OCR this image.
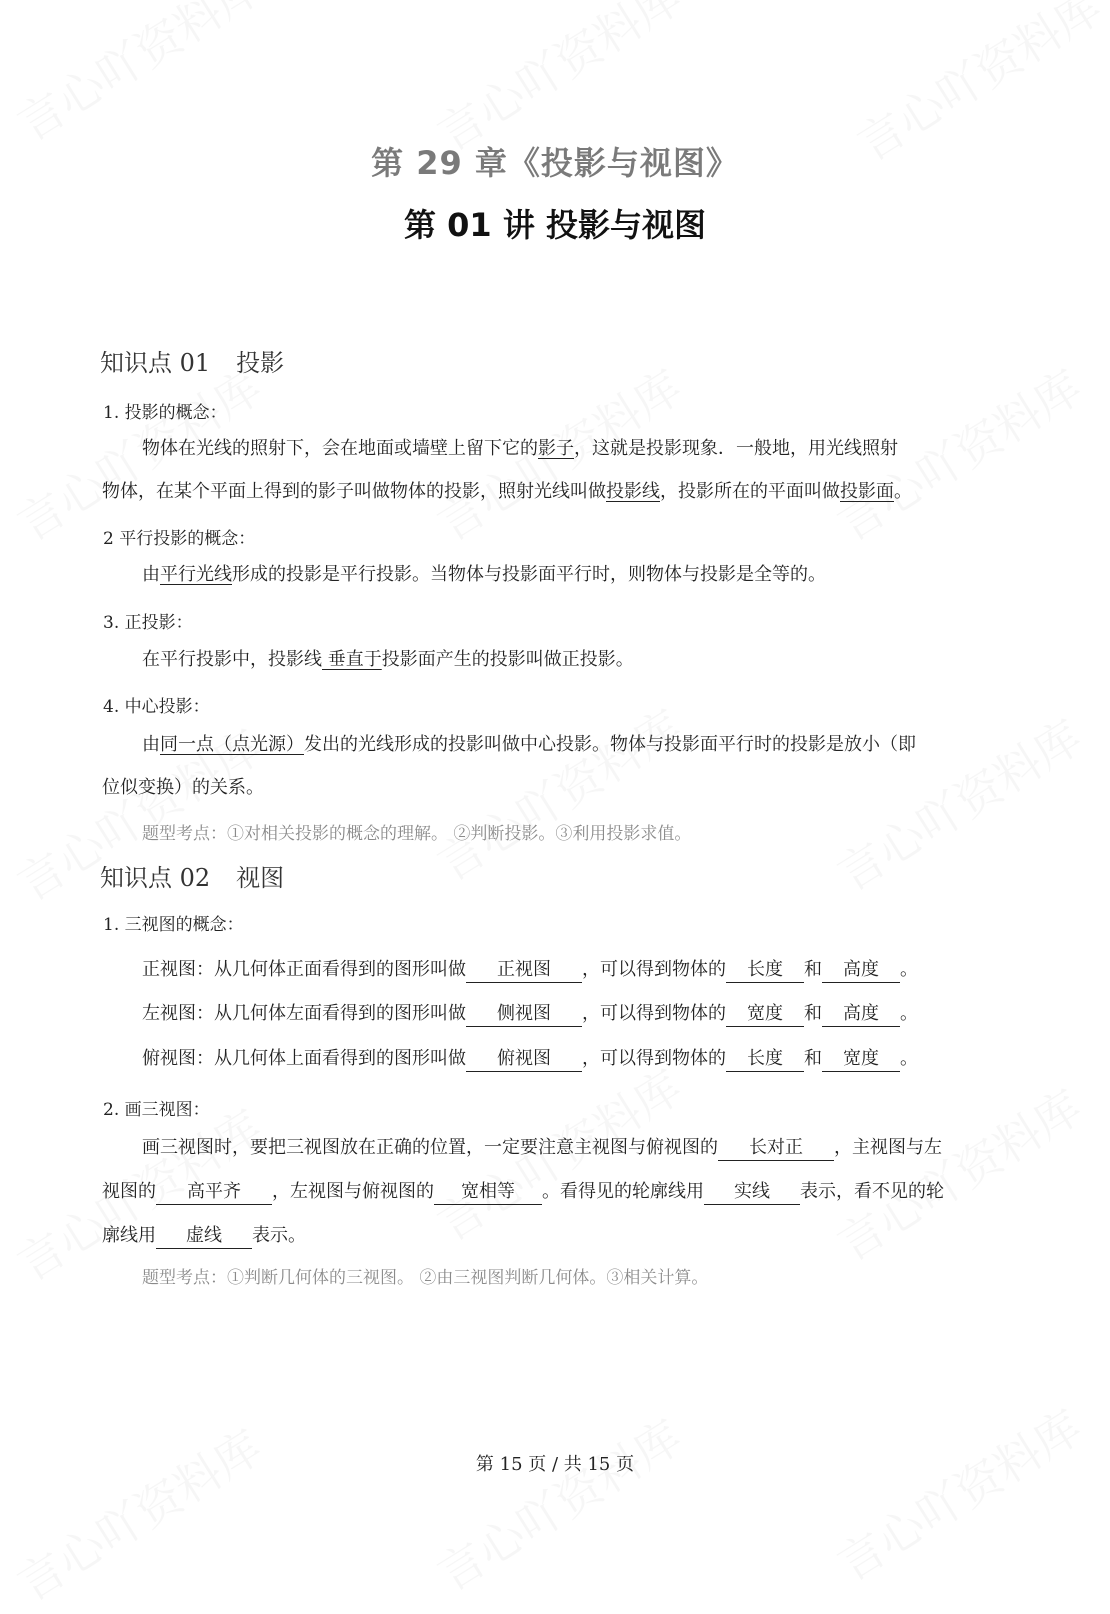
第 29 章《投影与视图》
第 01 讲 投影与视图
知识点 01 投影
1. 投影的概念：
物体在光线的照射下，会在地面或墙壁上留下它的影子，这就是投影现象．一般地，用光线照射
物体，在某个平面上得到的影子叫做物体的投影，照射光线叫做投影线，投影所在的平面叫做投影面。
2 平行投影的概念：
由平行光线形成的投影是平行投影。当物体与投影面平行时，则物体与投影是全等的。
3. 正投影：
在平行投影中，投影线 垂直于投影面产生的投影叫做正投影。
4. 中心投影：
由同一点（点光源）发出的光线形成的投影叫做中心投影。物体与投影面平行时的投影是放小（即
位似变换）的关系。
题型考点：①对相关投影的概念的理解。 ②判断投影。③利用投影求值。
知识点 02 视图
1. 三视图的概念：
正视图：从几何体正面看得到的图形叫做 正视图 ，可以得到物体的 长度 和 高度 。
左视图：从几何体左面看得到的图形叫做 侧视图 ，可以得到物体的 宽度 和 高度 。
俯视图：从几何体上面看得到的图形叫做 俯视图 ，可以得到物体的 长度 和 宽度 。
2. 画三视图：
画三视图时，要把三视图放在正确的位置，一定要注意主视图与俯视图的 长对正 ，主视图与左
视图的 高平齐 ，左视图与俯视图的 宽相等 。看得见的轮廓线用 实线 表示，看不见的轮
廓线用 虚线 表示。
题型考点：①判断几何体的三视图。 ②由三视图判断几何体。③相关计算。
第 15 页 / 共 15 页
